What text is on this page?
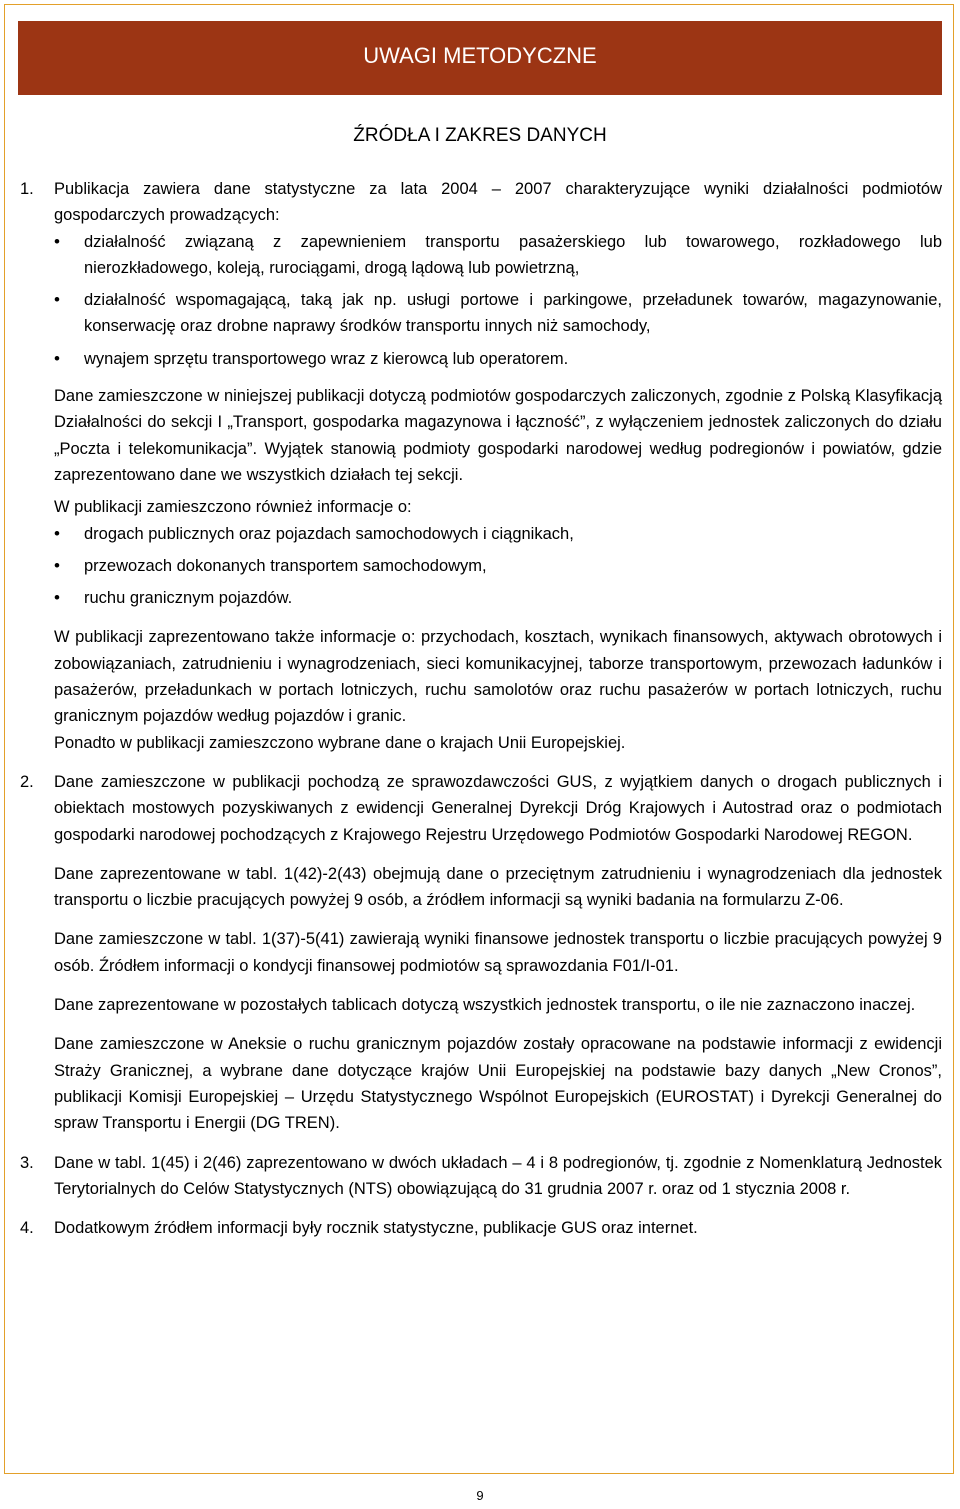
UWAGI METODYCZNE
ŹRÓDŁA I ZAKRES DANYCH
1. Publikacja zawiera dane statystyczne za lata 2004 – 2007 charakteryzujące wyniki działalności podmiotów gospodarczych prowadzących:

• działalność związaną z zapewnieniem transportu pasażerskiego lub towarowego, rozkładowego lub nierozkładowego, koleją, rurociągami, drogą lądową lub powietrzną,
• działalność wspomagającą, taką jak np. usługi portowe i parkingowe, przeładunek towarów, magazynowanie, konserwację oraz drobne naprawy środków transportu innych niż samochody,
• wynajem sprzętu transportowego wraz z kierowcą lub operatorem.

Dane zamieszczone w niniejszej publikacji dotyczą podmiotów gospodarczych zaliczonych, zgodnie z Polską Klasyfikacją Działalności do sekcji I „Transport, gospodarka magazynowa i łączność”, z wyłączeniem jednostek zaliczonych do działu „Poczta i telekomunikacja”. Wyjątek stanowią podmioty gospodarki narodowej według podregionów i powiatów, gdzie zaprezentowano dane we wszystkich działach tej sekcji.

W publikacji zamieszczono również informacje o:

• drogach publicznych oraz pojazdach samochodowych i ciągnikach,
• przewozach dokonanych transportem samochodowym,
• ruchu granicznym pojazdów.

W publikacji zaprezentowano także informacje o: przychodach, kosztach, wynikach finansowych, aktywach obrotowych i zobowiązaniach, zatrudnieniu i wynagrodzeniach, sieci komunikacyjnej, taborze transportowym, przewozach ładunków i pasażerów, przeładunkach w portach lotniczych, ruchu samolotów oraz ruchu pasażerów w portach lotniczych, ruchu granicznym pojazdów według pojazdów i granic.

Ponadto w publikacji zamieszczono wybrane dane o krajach Unii Europejskiej.

2. Dane zamieszczone w publikacji pochodzą ze sprawozdawczości GUS, z wyjątkiem danych o drogach publicznych i obiektach mostowych pozyskiwanych z ewidencji Generalnej Dyrekcji Dróg Krajowych i Autostrad oraz o podmiotach gospodarki narodowej pochodzących z Krajowego Rejestru Urzędowego Podmiotów Gospodarki Narodowej REGON.

Dane zaprezentowane w tabl. 1(42)-2(43) obejmują dane o przeciętnym zatrudnieniu i wynagrodzeniach dla jednostek transportu o liczbie pracujących powyżej 9 osób, a źródłem informacji są wyniki badania na formularzu Z-06.

Dane zamieszczone w tabl. 1(37)-5(41) zawierają wyniki finansowe jednostek transportu o liczbie pracujących powyżej 9 osób. Źródłem informacji o kondycji finansowej podmiotów są sprawozdania F01/I-01.

Dane zaprezentowane w pozostałych tablicach dotyczą wszystkich jednostek transportu, o ile nie zaznaczono inaczej.

Dane zamieszczone w Aneksie o ruchu granicznym pojazdów zostały opracowane na podstawie informacji z ewidencji Straży Granicznej, a wybrane dane dotyczące krajów Unii Europejskiej na podstawie bazy danych „New Cronos”, publikacji Komisji Europejskiej – Urzędu Statystycznego Wspólnot Europejskich (EUROSTAT) i Dyrekcji Generalnej do spraw Transportu i Energii (DG TREN).

3. Dane w tabl. 1(45) i 2(46) zaprezentowano w dwóch układach – 4 i 8 podregionów, tj. zgodnie z Nomenklaturą Jednostek Terytorialnych do Celów Statystycznych (NTS) obowiązującą do 31 grudnia 2007 r. oraz od 1 stycznia 2008 r.

4. Dodatkowym źródłem informacji były rocznik statystyczne, publikacje GUS oraz internet.

9
